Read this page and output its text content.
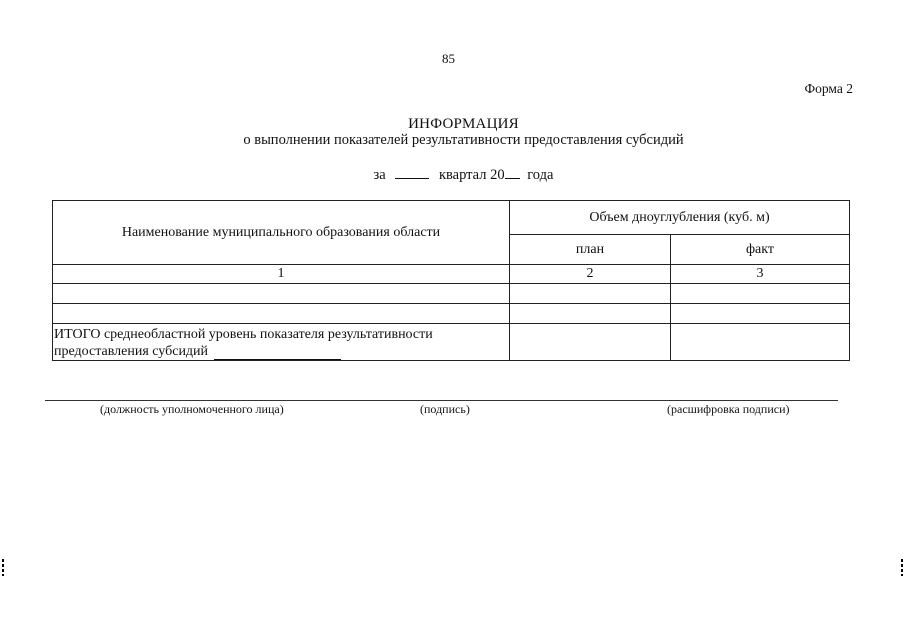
85
Форма 2
ИНФОРМАЦИЯ
о выполнении показателей результативности предоставления субсидий
за	квартал 20 года
Наименование муниципального образования области	Объем дноуглубления (куб. м)	
	план	факт
1	2	3

ИТОГО среднеобластной уровень показателя результативности
предоставления субсидий		
(должность уполномоченного лица)	(подпись)	(расшифровка подписи)
